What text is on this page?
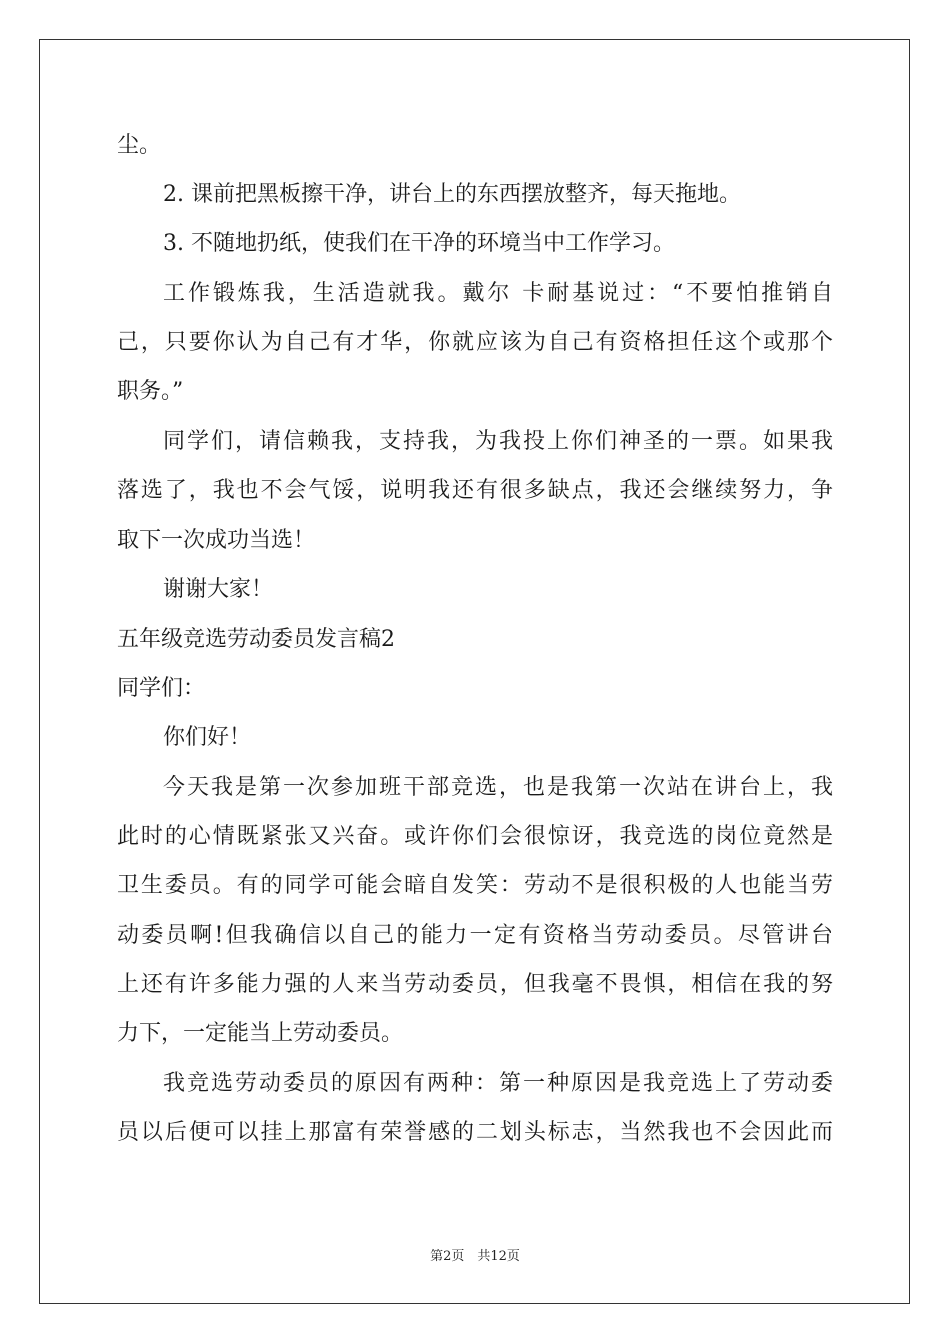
尘。
2. 课前把黑板擦干净，讲台上的东西摆放整齐，每天拖地。
3. 不随地扔纸，使我们在干净的环境当中工作学习。
工作锻炼我，生活造就我。戴尔 卡耐基说过：“不要怕推销自
己，只要你认为自己有才华，你就应该为自己有资格担任这个或那个
职务。”
同学们，请信赖我，支持我，为我投上你们神圣的一票。如果我
落选了，我也不会气馁，说明我还有很多缺点，我还会继续努力，争
取下一次成功当选！
谢谢大家！
五年级竞选劳动委员发言稿2
同学们：
你们好！
今天我是第一次参加班干部竞选，也是我第一次站在讲台上，我
此时的心情既紧张又兴奋。或许你们会很惊讶，我竞选的岗位竟然是
卫生委员。有的同学可能会暗自发笑：劳动不是很积极的人也能当劳
动委员啊!但我确信以自己的能力一定有资格当劳动委员。尽管讲台
上还有许多能力强的人来当劳动委员，但我毫不畏惧，相信在我的努
力下，一定能当上劳动委员。
我竞选劳动委员的原因有两种：第一种原因是我竞选上了劳动委
员以后便可以挂上那富有荣誉感的二划头标志，当然我也不会因此而
第2页　共12页
